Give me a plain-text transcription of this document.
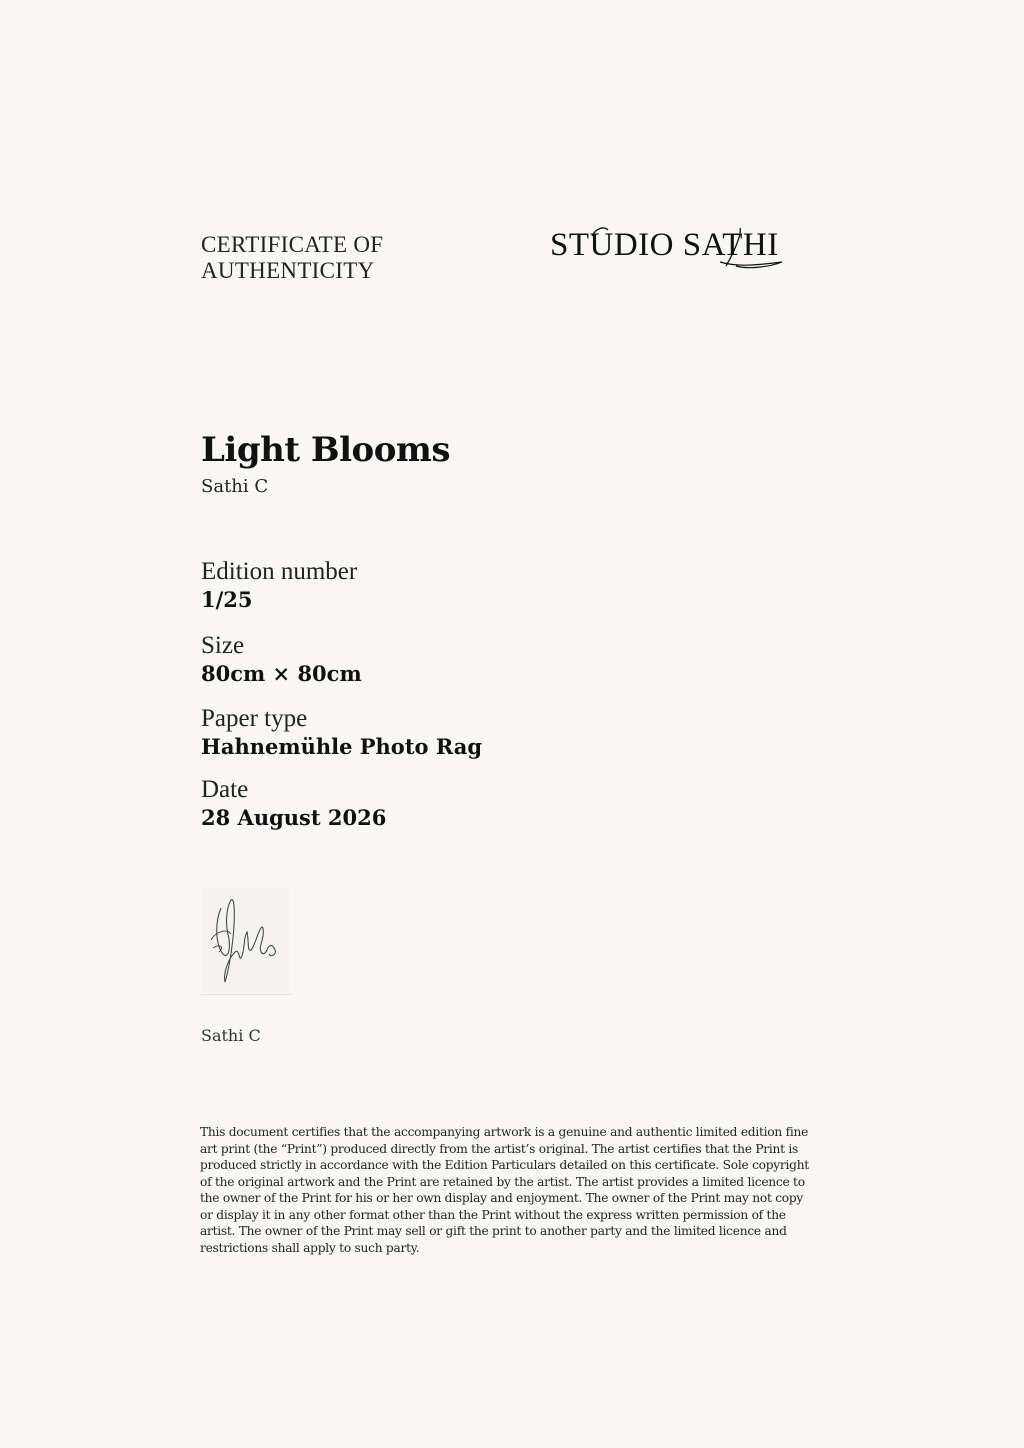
CERTIFICATE OF
AUTHENTICITY
STUDIO SATHI
Light Blooms
Sathi C
Edition number
1/25
Size
80cm × 80cm
Paper type
Hahnemühle Photo Rag
Date
28 August 2026
Sathi C

This document certifies that the accompanying artwork is a genuine and authentic limited edition fine art print (the “Print”) produced directly from the artist’s original. The artist certifies that the Print is produced strictly in accordance with the Edition Particulars detailed on this certificate. Sole copyright of the original artwork and the Print are retained by the artist. The artist provides a limited licence to the owner of the Print for his or her own display and enjoyment. The owner of the Print may not copy or display it in any other format other than the Print without the express written permission of the artist. The owner of the Print may sell or gift the print to another party and the limited licence and restrictions shall apply to such party.
